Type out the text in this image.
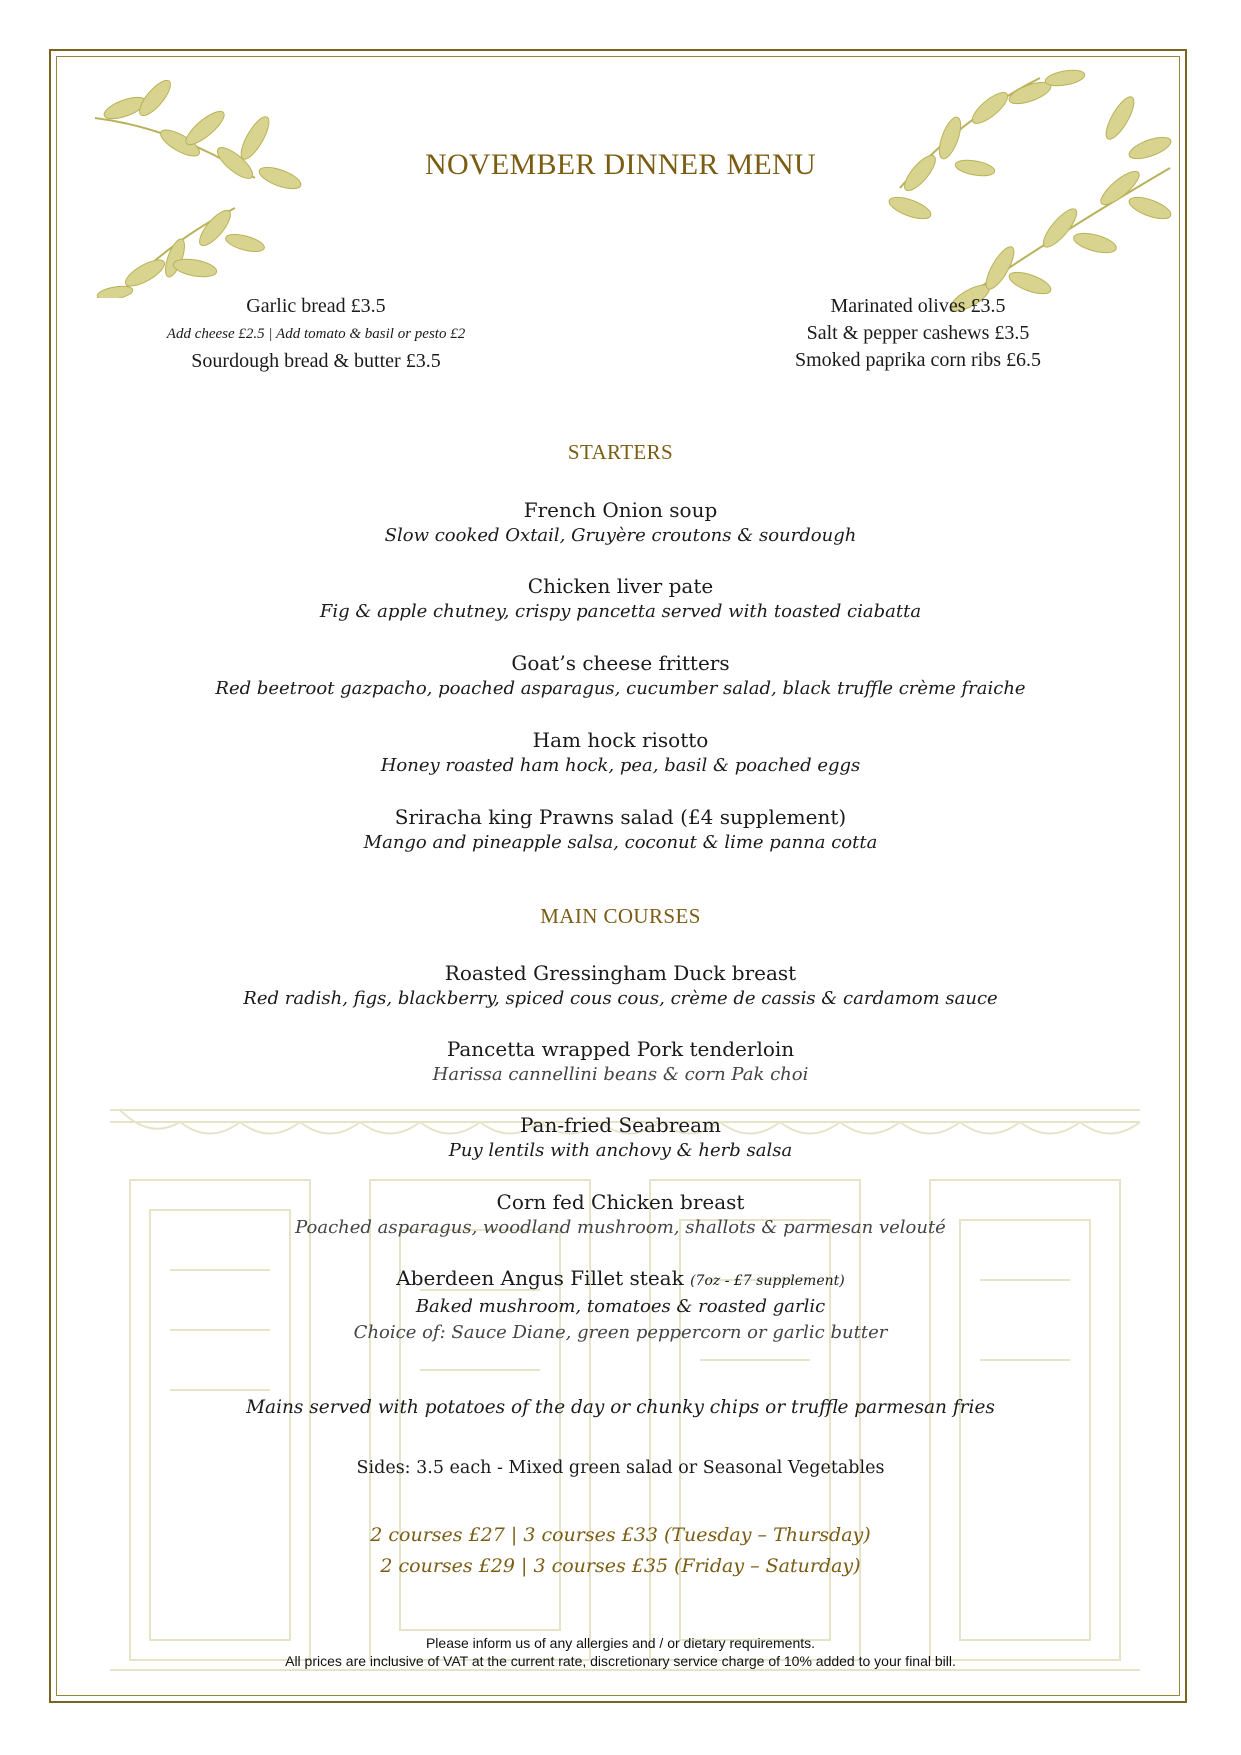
NOVEMBER DINNER MENU
Garlic bread £3.5
Add cheese £2.5 | Add tomato & basil or pesto £2
Sourdough bread & butter £3.5
Marinated olives £3.5
Salt & pepper cashews £3.5
Smoked paprika corn ribs £6.5
STARTERS
French Onion soup
Slow cooked Oxtail, Gruyère croutons & sourdough
Chicken liver pate
Fig & apple chutney, crispy pancetta served with toasted ciabatta
Goat’s cheese fritters
Red beetroot gazpacho, poached asparagus, cucumber salad, black truffle crème fraiche
Ham hock risotto
Honey roasted ham hock, pea, basil & poached eggs
Sriracha king Prawns salad (£4 supplement)
Mango and pineapple salsa, coconut & lime panna cotta
MAIN COURSES
Roasted Gressingham Duck breast
Red radish, figs, blackberry, spiced cous cous, crème de cassis & cardamom sauce
Pancetta wrapped Pork tenderloin
Harissa cannellini beans & corn Pak choi
Pan-fried Seabream
Puy lentils with anchovy & herb salsa
Corn fed Chicken breast
Poached asparagus, woodland mushroom, shallots & parmesan velouté
Aberdeen Angus Fillet steak (7oz - £7 supplement)
Baked mushroom, tomatoes & roasted garlic
Choice of: Sauce Diane, green peppercorn or garlic butter
Mains served with potatoes of the day or chunky chips or truffle parmesan fries
Sides: 3.5 each - Mixed green salad or Seasonal Vegetables
2 courses £27 | 3 courses £33 (Tuesday – Thursday)
2 courses £29 | 3 courses £35 (Friday – Saturday)
Please inform us of any allergies and / or dietary requirements.
All prices are inclusive of VAT at the current rate, discretionary service charge of 10% added to your final bill.
